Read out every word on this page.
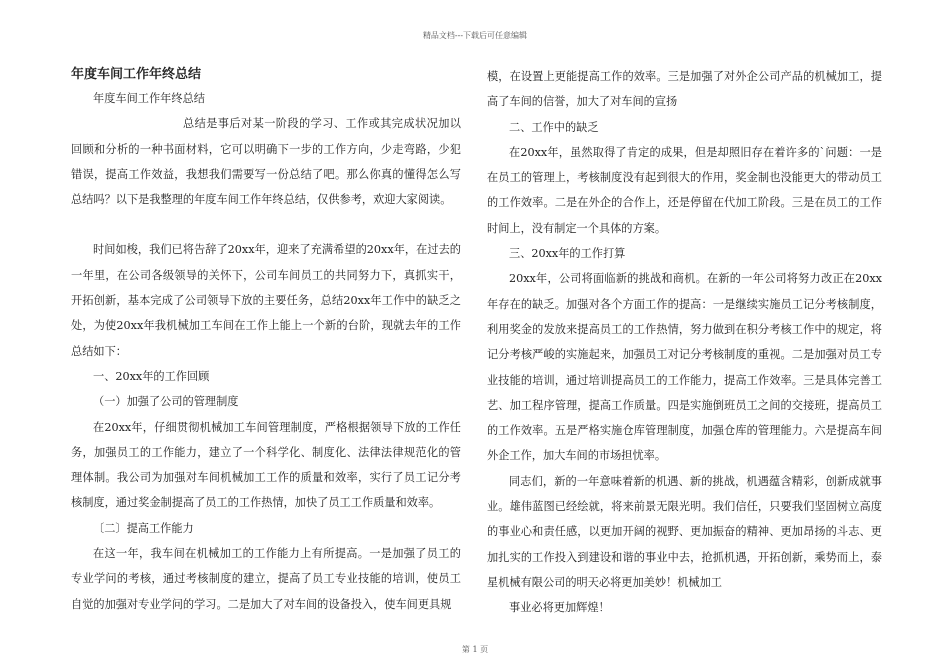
精品文档---下载后可任意编辑
年度车间工作年终总结

年度车间工作年终总结

总结是事后对某一阶段的学习、工作或其完成状况加以回顾和分析的一种书面材料，它可以明确下一步的工作方向，少走弯路，少犯错误，提高工作效益，我想我们需要写一份总结了吧。那么你真的懂得怎么写总结吗？以下是我整理的年度车间工作年终总结，仅供参考，欢迎大家阅读。

时间如梭，我们已将告辞了20xx年，迎来了充满希望的20xx年，在过去的一年里，在公司各级领导的关怀下，公司车间员工的共同努力下，真抓实干，开拓创新，基本完成了公司领导下放的主要任务，总结20xx年工作中的缺乏之处，为使20xx年我机械加工车间在工作上能上一个新的台阶，现就去年的工作总结如下：

一、20xx年的工作回顾

（一）加强了公司的管理制度

在20xx年，仔细贯彻机械加工车间管理制度，严格根据领导下放的工作任务，加强员工的工作能力，建立了一个科学化、制度化、法律法律规范化的管理体制。我公司为加强对车间机械加工工作的质量和效率，实行了员工记分考核制度，通过奖金制提高了员工的工作热情，加快了员工工作质量和效率。

〔二〕提高工作能力

在这一年，我车间在机械加工的工作能力上有所提高。一是加强了员工的专业学问的考核，通过考核制度的建立，提高了员工专业技能的培训，使员工自觉的加强对专业学问的学习。二是加大了对车间的设备投入，使车间更具规

模，在设置上更能提高工作的效率。三是加强了对外企公司产品的机械加工，提高了车间的信誉，加大了对车间的宣扬

二、工作中的缺乏

在20xx年，虽然取得了肯定的成果，但是却照旧存在着许多的`问题：一是在员工的管理上，考核制度没有起到很大的作用，奖金制也没能更大的带动员工的工作效率。二是在外企的合作上，还是停留在代加工阶段。三是在员工的工作时间上，没有制定一个具体的方案。

三、20xx年的工作打算

20xx年，公司将面临新的挑战和商机。在新的一年公司将努力改正在20xx年存在的缺乏。加强对各个方面工作的提高：一是继续实施员工记分考核制度，利用奖金的发放来提高员工的工作热情，努力做到在积分考核工作中的规定，将记分考核严峻的实施起来，加强员工对记分考核制度的重视。二是加强对员工专业技能的培训，通过培训提高员工的工作能力，提高工作效率。三是具体完善工艺、加工程序管理，提高工作质量。四是实施倒班员工之间的交接班，提高员工的工作效率。五是严格实施仓库管理制度，加强仓库的管理能力。六是提高车间外企工作，加大车间的市场担忧率。

同志们，新的一年意味着新的机遇、新的挑战，机遇蕴含精彩，创新成就事业。雄伟蓝图已经绘就，将来前景无限光明。我们信任，只要我们坚固树立高度的事业心和责任感，以更加开阔的视野、更加振奋的精神、更加昂扬的斗志、更加扎实的工作投入到建设和谐的事业中去，抢抓机遇，开拓创新，乘势而上，泰星机械有限公司的明天必将更加美妙！机械加工

事业必将更加辉煌！

第 1 页
